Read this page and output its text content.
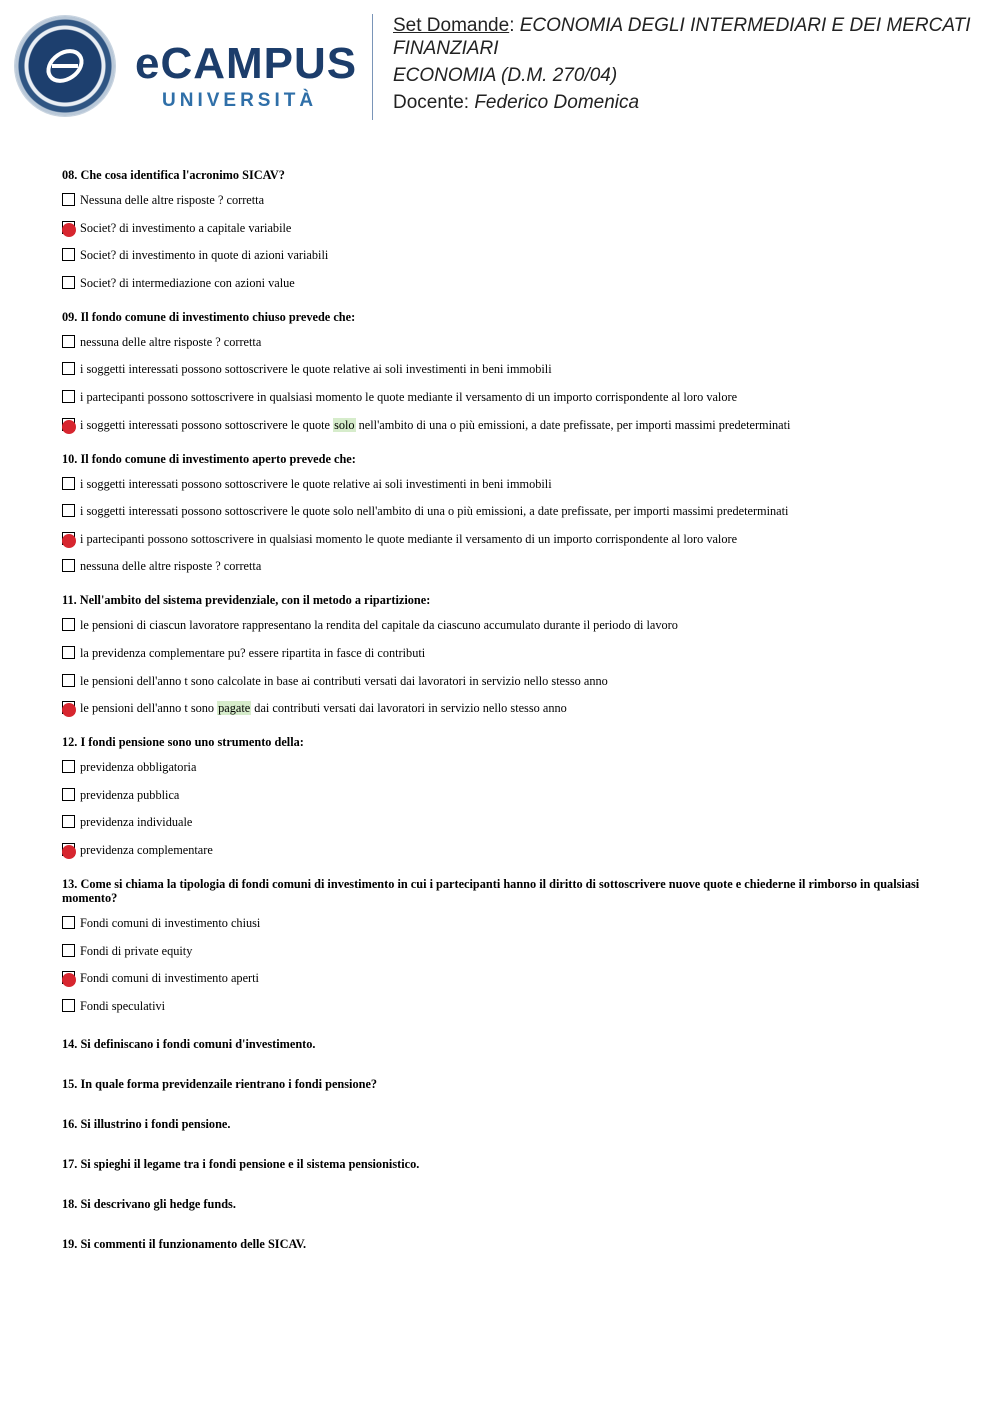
eCAMPUS
UNIVERSITÀ
Set Domande: ECONOMIA DEGLI INTERMEDIARI E DEI MERCATI
FINANZIARI
ECONOMIA (D.M. 270/04)
Docente: Federico Domenica
08. Che cosa identifica l'acronimo SICAV?
Nessuna delle altre risposte ? corretta
Societ? di investimento a capitale variabile
Societ? di investimento in quote di azioni variabili
Societ? di intermediazione con azioni value
09. Il fondo comune di investimento chiuso prevede che:
nessuna delle altre risposte ? corretta
i soggetti interessati possono sottoscrivere le quote relative ai soli investimenti in beni immobili
i partecipanti possono sottoscrivere in qualsiasi momento le quote mediante il versamento di un importo corrispondente al loro valore
i soggetti interessati possono sottoscrivere le quote solo nell'ambito di una o più emissioni, a date prefissate, per importi massimi predeterminati
10. Il fondo comune di investimento aperto prevede che:
i soggetti interessati possono sottoscrivere le quote relative ai soli investimenti in beni immobili
i soggetti interessati possono sottoscrivere le quote solo nell'ambito di una o più emissioni, a date prefissate, per importi massimi predeterminati
i partecipanti possono sottoscrivere in qualsiasi momento le quote mediante il versamento di un importo corrispondente al loro valore
nessuna delle altre risposte ? corretta
11. Nell'ambito del sistema previdenziale, con il metodo a ripartizione:
le pensioni di ciascun lavoratore rappresentano la rendita del capitale da ciascuno accumulato durante il periodo di lavoro
la previdenza complementare pu? essere ripartita in fasce di contributi
le pensioni dell'anno t sono calcolate in base ai contributi versati dai lavoratori in servizio nello stesso anno
le pensioni dell'anno t sono pagate dai contributi versati dai lavoratori in servizio nello stesso anno
12. I fondi pensione sono uno strumento della:
previdenza obbligatoria
previdenza pubblica
previdenza individuale
previdenza complementare
13. Come si chiama la tipologia di fondi comuni di investimento in cui i partecipanti hanno il diritto di sottoscrivere nuove quote e chiederne il rimborso in qualsiasi momento?
Fondi comuni di investimento chiusi
Fondi di private equity
Fondi comuni di investimento aperti
Fondi speculativi
14. Si definiscano i fondi comuni d'investimento.
15. In quale forma previdenzaile rientrano i fondi pensione?
16. Si illustrino i fondi pensione.
17. Si spieghi il legame tra i fondi pensione e il sistema pensionistico.
18. Si descrivano gli hedge funds.
19. Si commenti il funzionamento delle SICAV.
